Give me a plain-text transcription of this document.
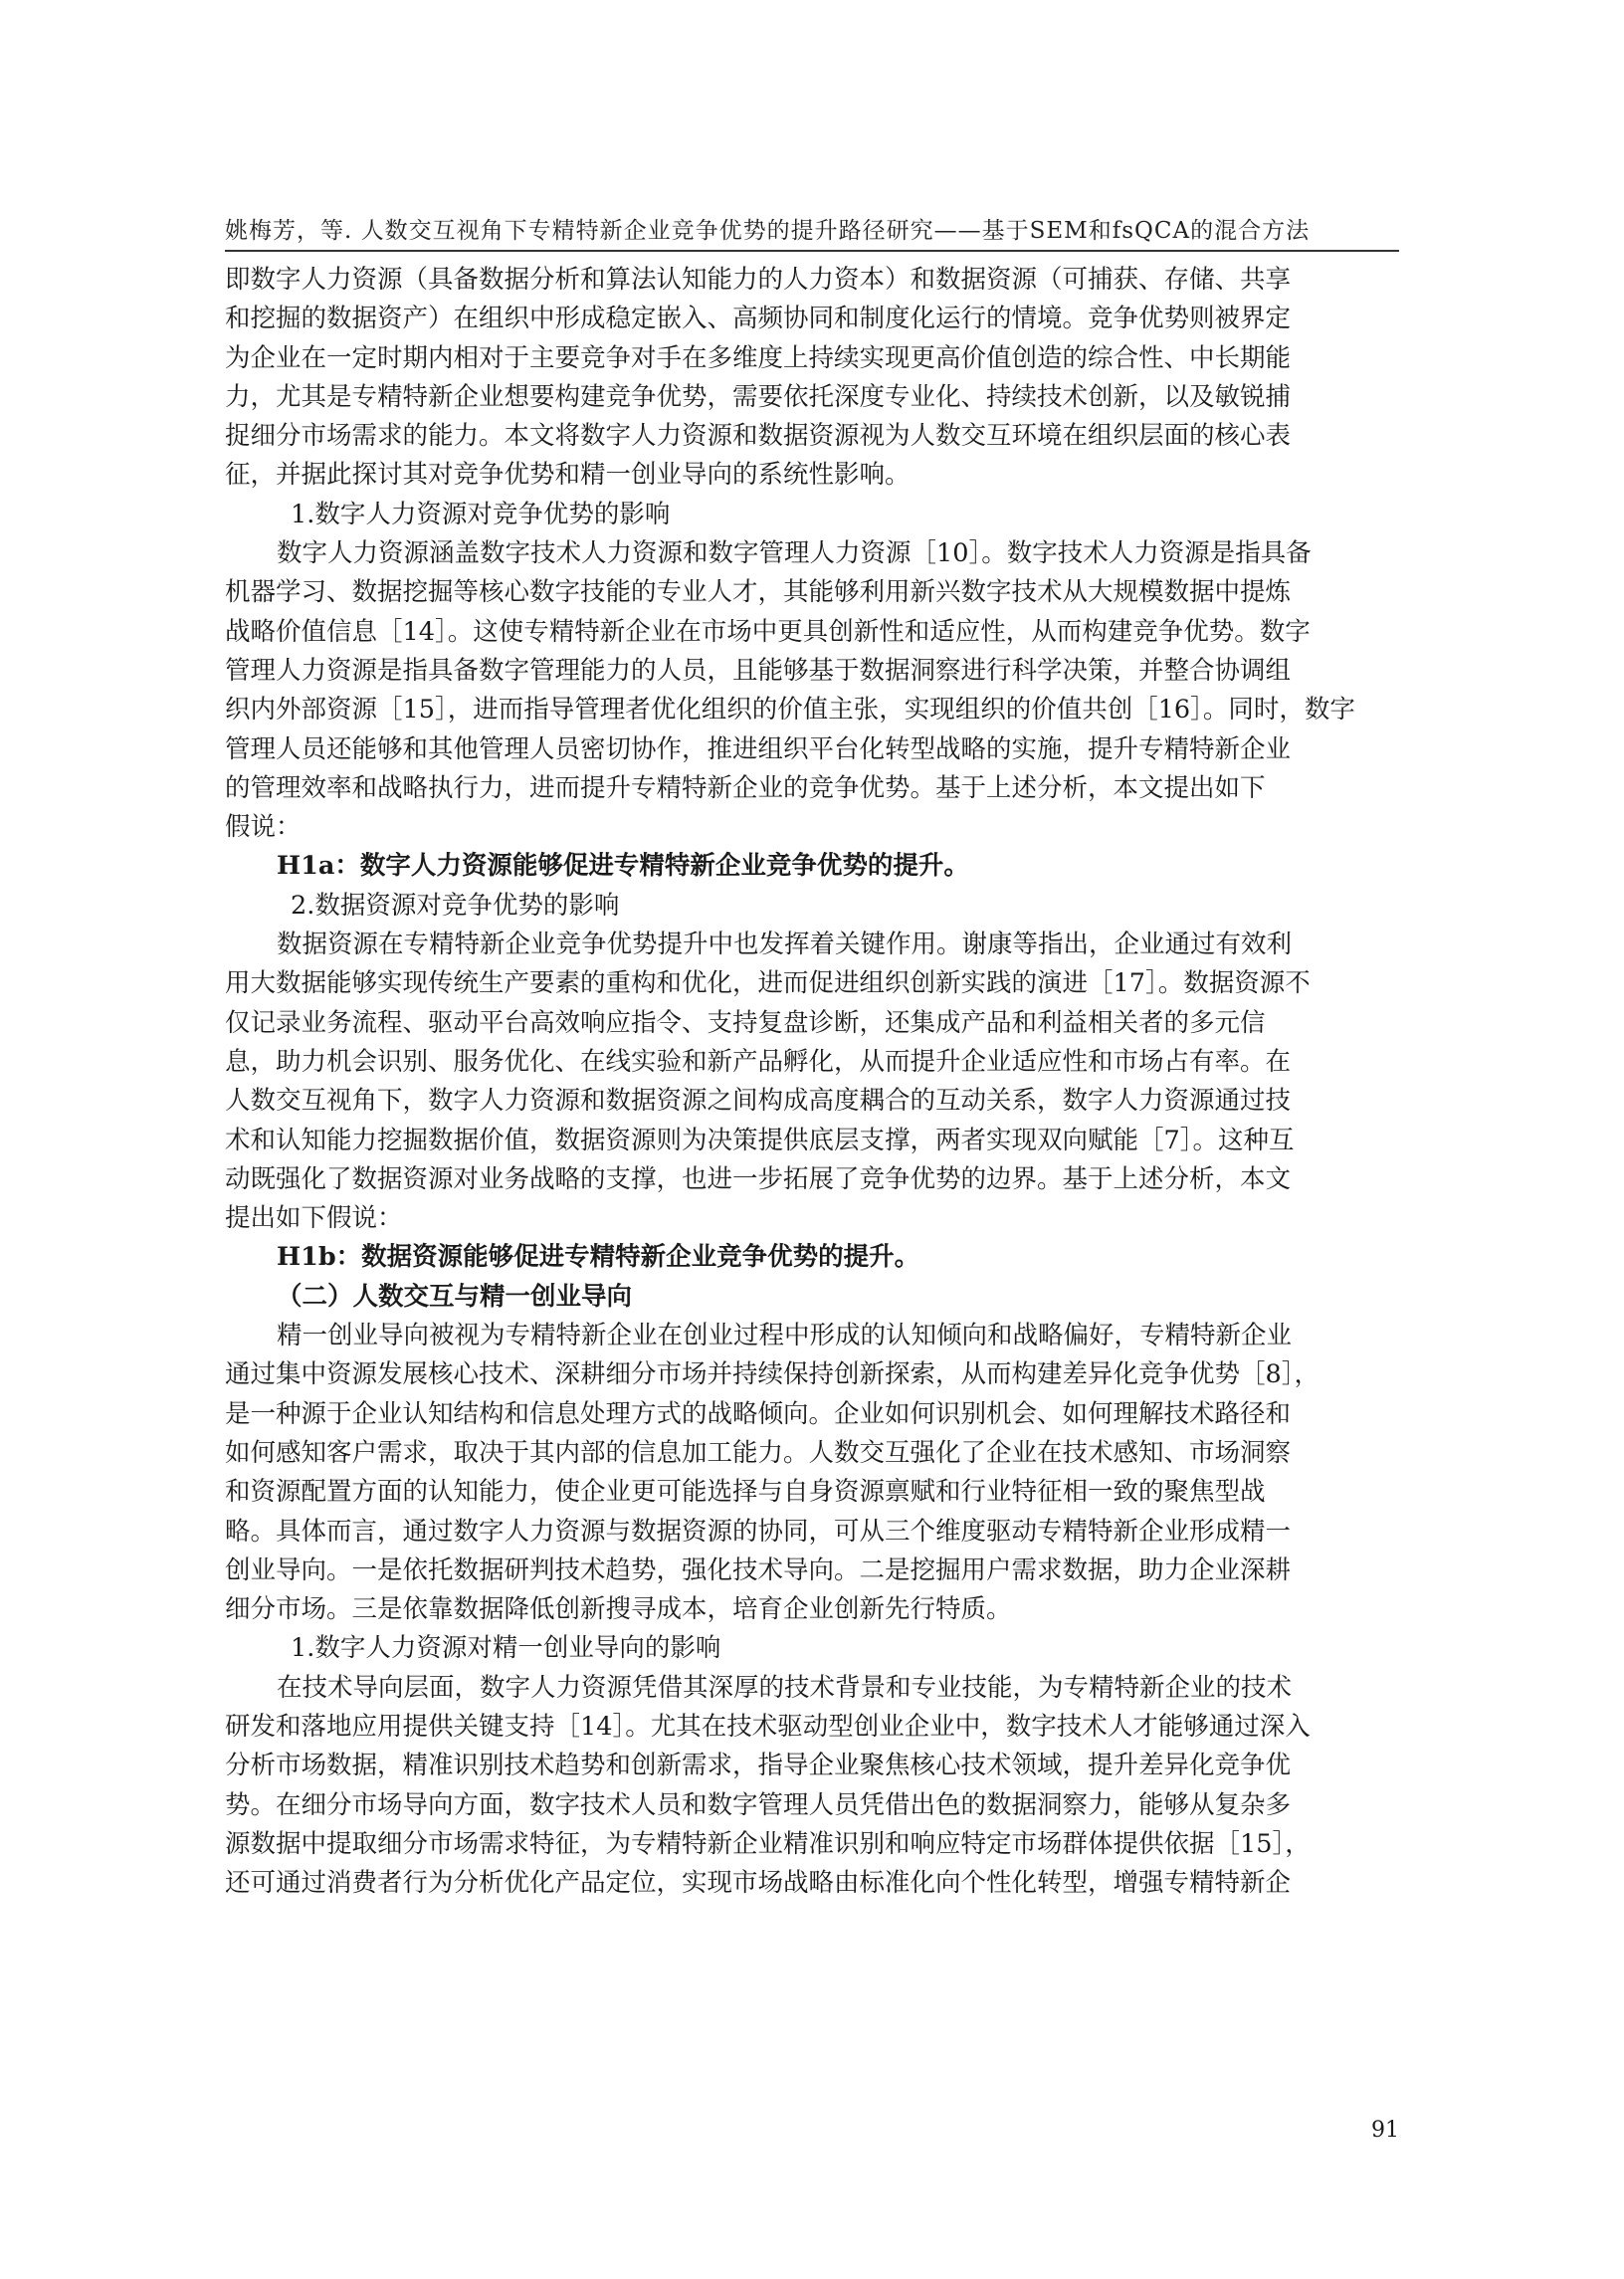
姚梅芳，等. 人数交互视角下专精特新企业竞争优势的提升路径研究——基于SEM和fsQCA的混合方法
即数字人力资源（具备数据分析和算法认知能力的人力资本）和数据资源（可捕获、存储、共享
和挖掘的数据资产）在组织中形成稳定嵌入、高频协同和制度化运行的情境。竞争优势则被界定
为企业在一定时期内相对于主要竞争对手在多维度上持续实现更高价值创造的综合性、中长期能
力，尤其是专精特新企业想要构建竞争优势，需要依托深度专业化、持续技术创新，以及敏锐捕
捉细分市场需求的能力。本文将数字人力资源和数据资源视为人数交互环境在组织层面的核心表
征，并据此探讨其对竞争优势和精一创业导向的系统性影响。
1.数字人力资源对竞争优势的影响
数字人力资源涵盖数字技术人力资源和数字管理人力资源［10］。数字技术人力资源是指具备
机器学习、数据挖掘等核心数字技能的专业人才，其能够利用新兴数字技术从大规模数据中提炼
战略价值信息［14］。这使专精特新企业在市场中更具创新性和适应性，从而构建竞争优势。数字
管理人力资源是指具备数字管理能力的人员，且能够基于数据洞察进行科学决策，并整合协调组
织内外部资源［15］，进而指导管理者优化组织的价值主张，实现组织的价值共创［16］。同时，数字
管理人员还能够和其他管理人员密切协作，推进组织平台化转型战略的实施，提升专精特新企业
的管理效率和战略执行力，进而提升专精特新企业的竞争优势。基于上述分析，本文提出如下
假说：
H1a：数字人力资源能够促进专精特新企业竞争优势的提升。
2.数据资源对竞争优势的影响
数据资源在专精特新企业竞争优势提升中也发挥着关键作用。谢康等指出，企业通过有效利
用大数据能够实现传统生产要素的重构和优化，进而促进组织创新实践的演进［17］。数据资源不
仅记录业务流程、驱动平台高效响应指令、支持复盘诊断，还集成产品和利益相关者的多元信
息，助力机会识别、服务优化、在线实验和新产品孵化，从而提升企业适应性和市场占有率。在
人数交互视角下，数字人力资源和数据资源之间构成高度耦合的互动关系，数字人力资源通过技
术和认知能力挖掘数据价值，数据资源则为决策提供底层支撑，两者实现双向赋能［7］。这种互
动既强化了数据资源对业务战略的支撑，也进一步拓展了竞争优势的边界。基于上述分析，本文
提出如下假说：
H1b：数据资源能够促进专精特新企业竞争优势的提升。
（二）人数交互与精一创业导向
精一创业导向被视为专精特新企业在创业过程中形成的认知倾向和战略偏好，专精特新企业
通过集中资源发展核心技术、深耕细分市场并持续保持创新探索，从而构建差异化竞争优势［8］，
是一种源于企业认知结构和信息处理方式的战略倾向。企业如何识别机会、如何理解技术路径和
如何感知客户需求，取决于其内部的信息加工能力。人数交互强化了企业在技术感知、市场洞察
和资源配置方面的认知能力，使企业更可能选择与自身资源禀赋和行业特征相一致的聚焦型战
略。具体而言，通过数字人力资源与数据资源的协同，可从三个维度驱动专精特新企业形成精一
创业导向。一是依托数据研判技术趋势，强化技术导向。二是挖掘用户需求数据，助力企业深耕
细分市场。三是依靠数据降低创新搜寻成本，培育企业创新先行特质。
1.数字人力资源对精一创业导向的影响
在技术导向层面，数字人力资源凭借其深厚的技术背景和专业技能，为专精特新企业的技术
研发和落地应用提供关键支持［14］。尤其在技术驱动型创业企业中，数字技术人才能够通过深入
分析市场数据，精准识别技术趋势和创新需求，指导企业聚焦核心技术领域，提升差异化竞争优
势。在细分市场导向方面，数字技术人员和数字管理人员凭借出色的数据洞察力，能够从复杂多
源数据中提取细分市场需求特征，为专精特新企业精准识别和响应特定市场群体提供依据［15］，
还可通过消费者行为分析优化产品定位，实现市场战略由标准化向个性化转型，增强专精特新企
91
